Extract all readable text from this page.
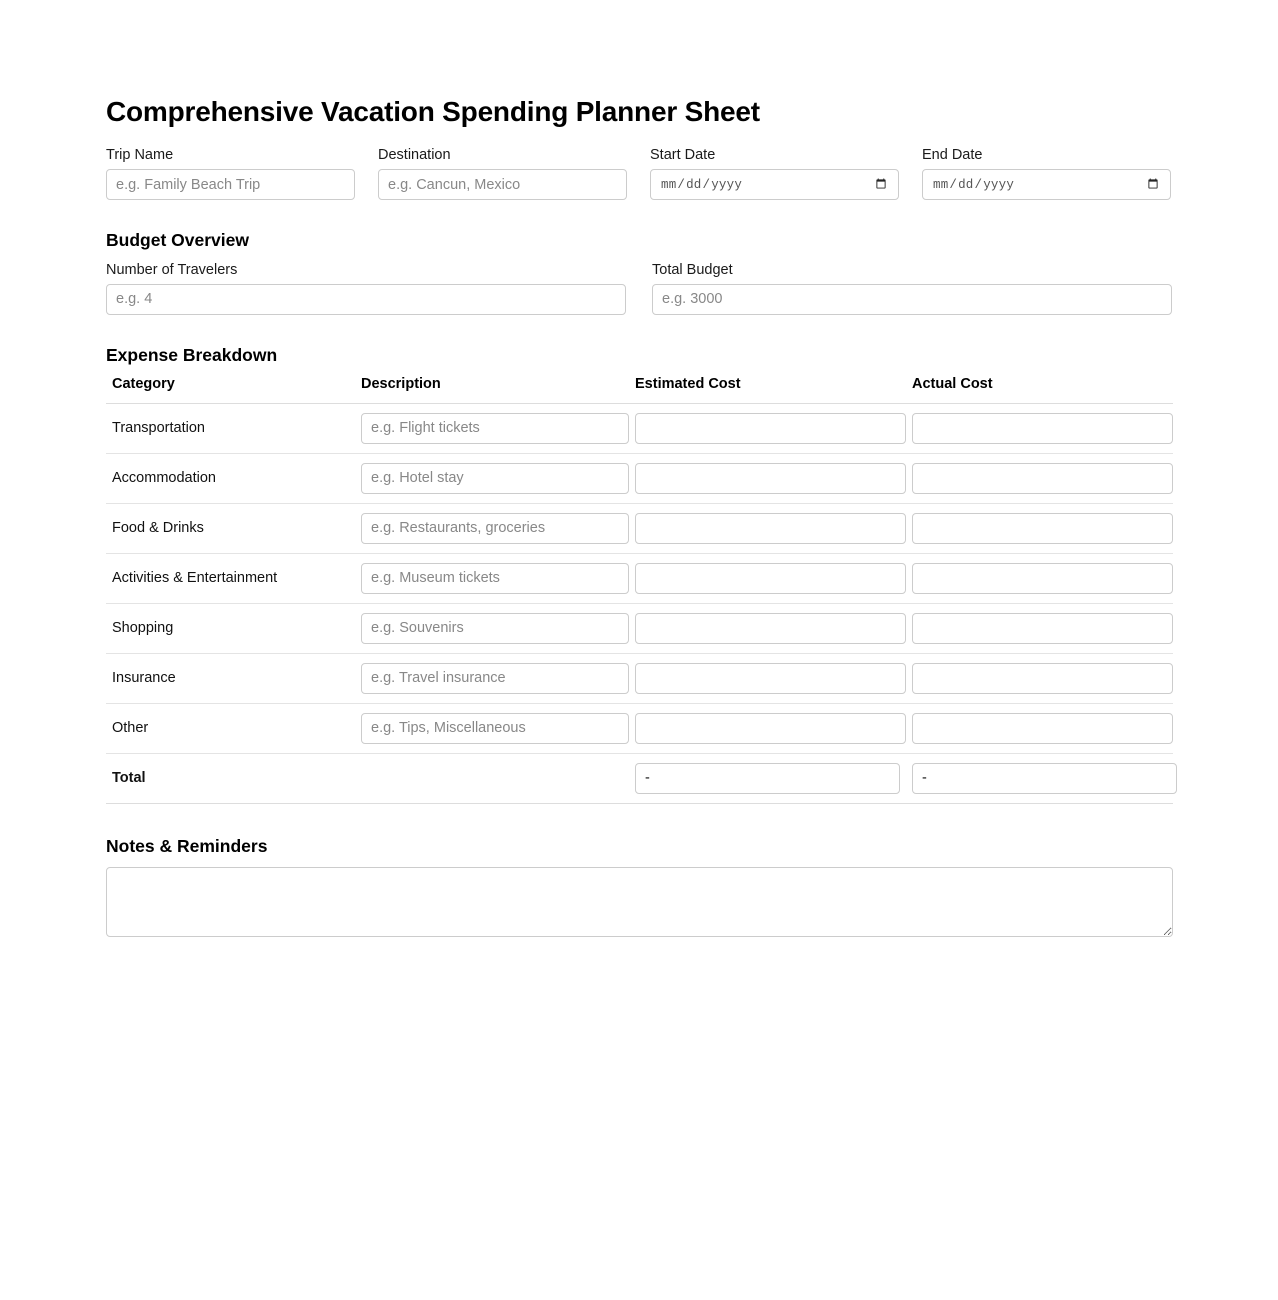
Comprehensive Vacation Spending Planner Sheet
Trip Name
e.g. Family Beach Trip	Destination
e.g. Cancun, Mexico	Start Date
mm/dd/yyyy	End Date
mm/dd/yyyy
Budget Overview
Number of Travelers
e.g. 4	Total Budget
e.g. 3000
Expense Breakdown
Category	Description	Estimated Cost	Actual Cost
Transportation	e.g. Flight tickets		
Accommodation	e.g. Hotel stay		
Food & Drinks	e.g. Restaurants, groceries		
Activities & Entertainment	e.g. Museum tickets		
Shopping	e.g. Souvenirs		
Insurance	e.g. Travel insurance		
Other	e.g. Tips, Miscellaneous		
Total		-	-
Notes & Reminders
